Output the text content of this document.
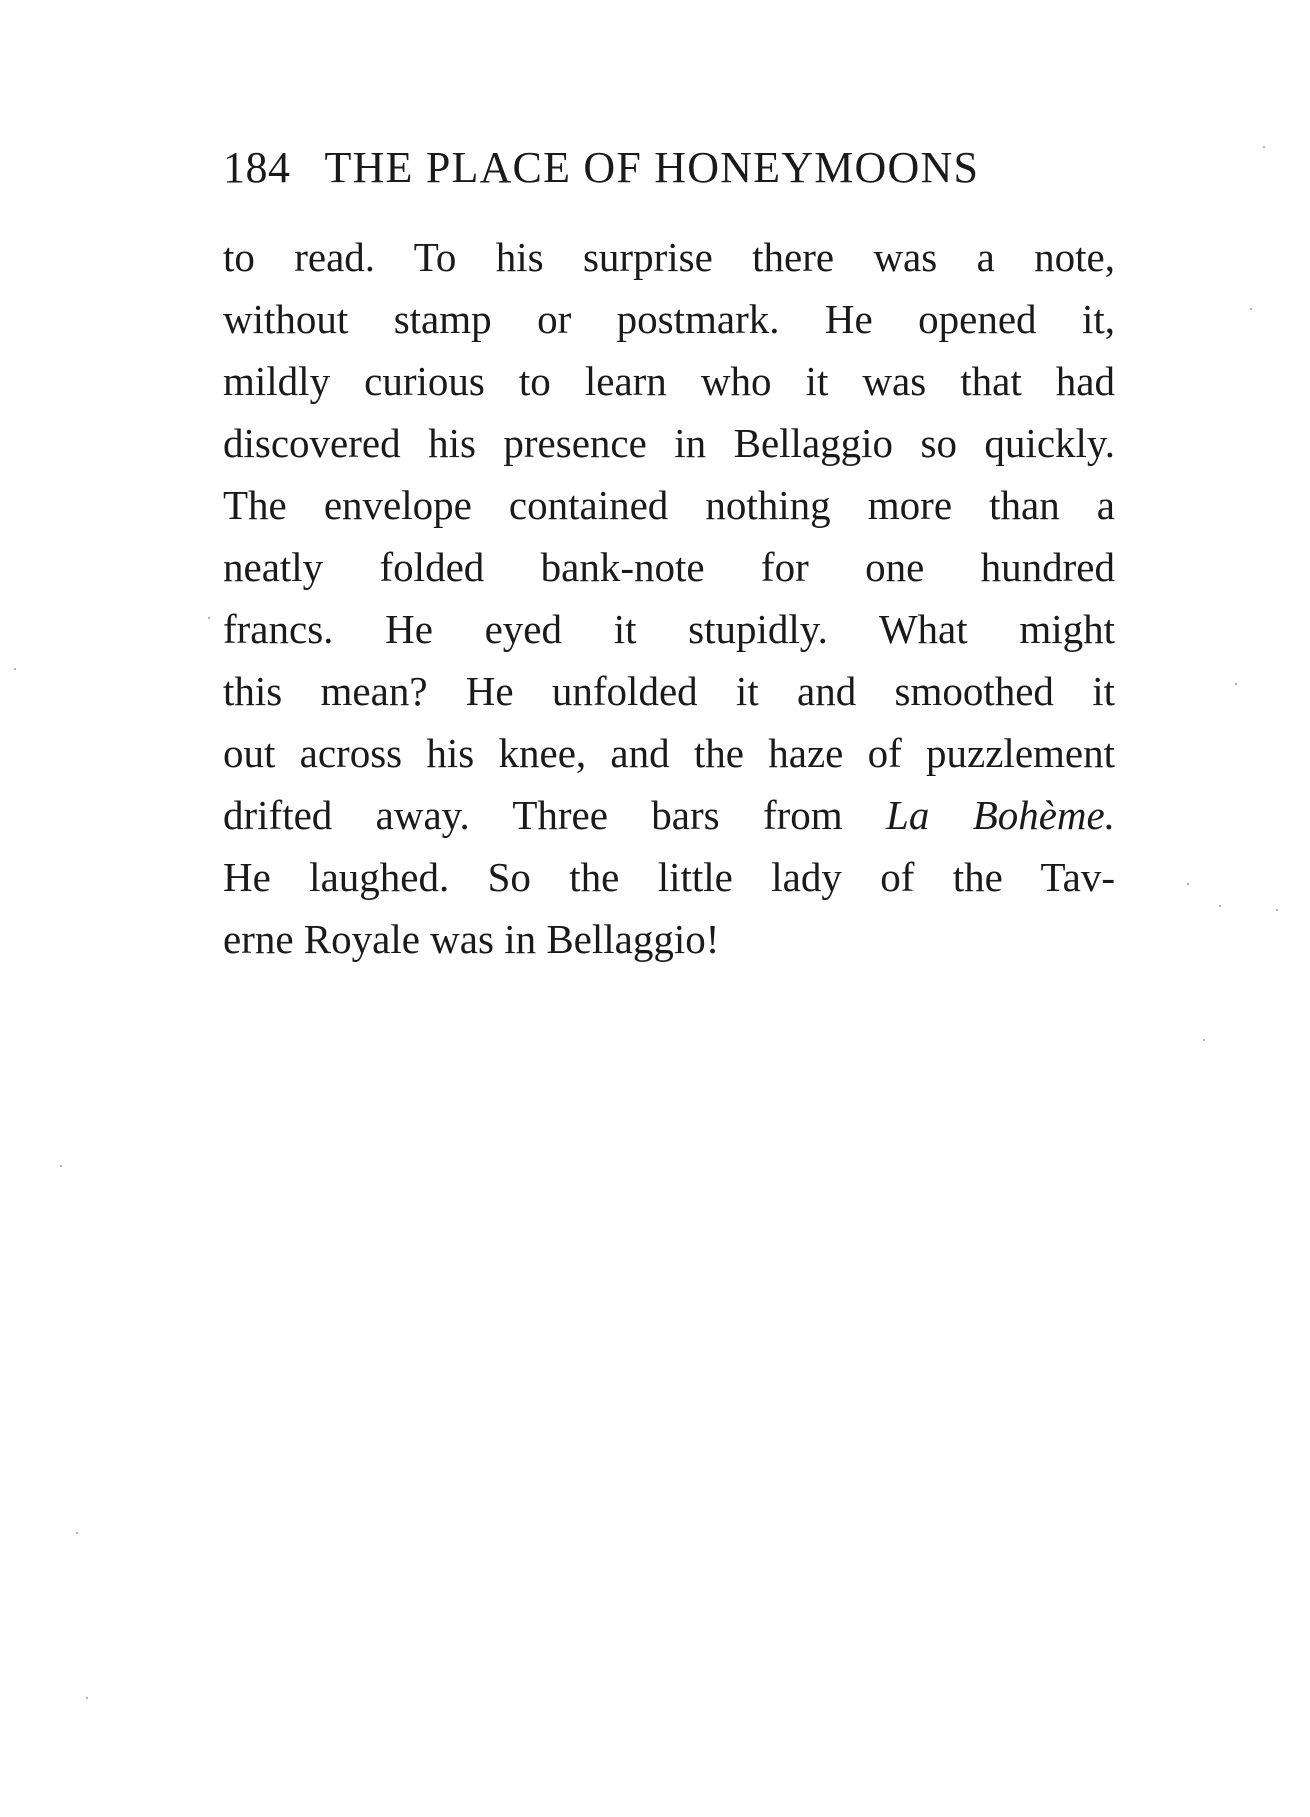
184 THE PLACE OF HONEYMOONS
to read. To his surprise there was a note,
without stamp or postmark. He opened it,
mildly curious to learn who it was that had
discovered his presence in Bellaggio so quickly.
The envelope contained nothing more than a
neatly folded bank-note for one hundred
francs. He eyed it stupidly. What might
this mean? He unfolded it and smoothed it
out across his knee, and the haze of puzzlement
drifted away. Three bars from La Bohème.
He laughed. So the little lady of the Tav-
erne Royale was in Bellaggio!
